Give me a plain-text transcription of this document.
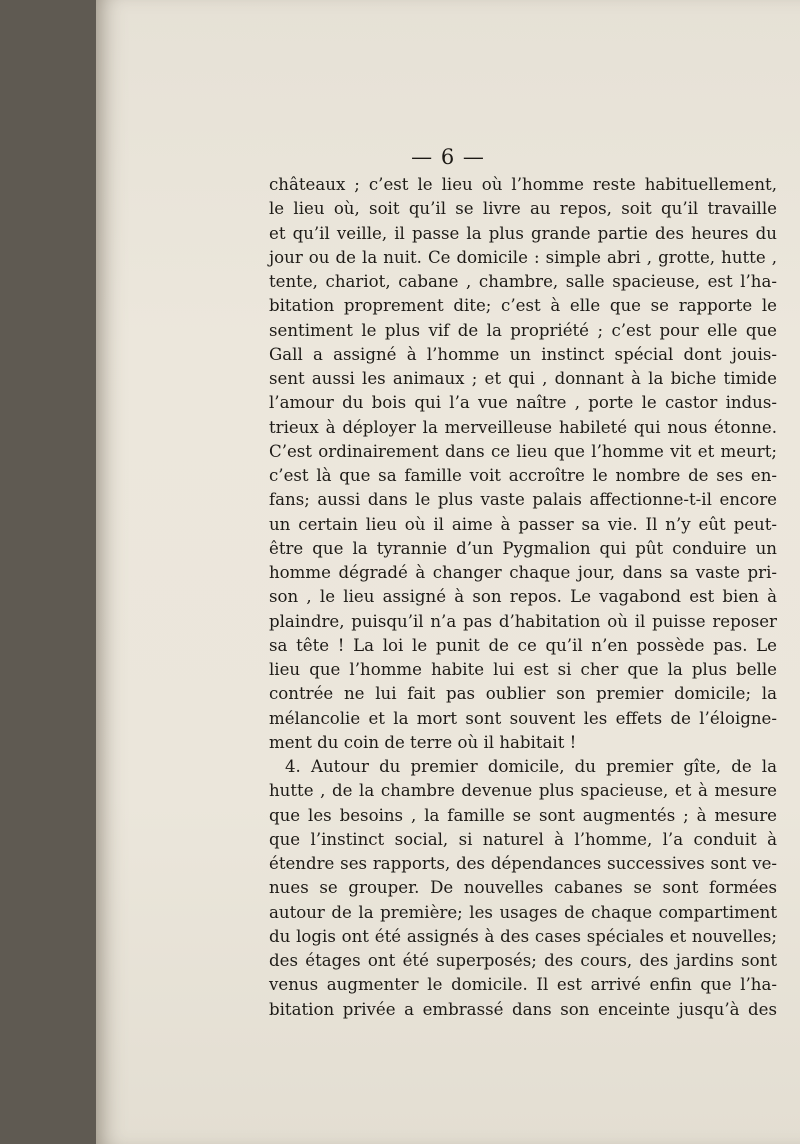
— 6 —
châteaux ; c’est le lieu où l’homme reste habituellement,
le lieu où, soit qu’il se livre au repos, soit qu’il travaille
et qu’il veille, il passe la plus grande partie des heures du
jour ou de la nuit. Ce domicile : simple abri , grotte, hutte ,
tente, chariot, cabane , chambre, salle spacieuse, est l’ha-
bitation proprement dite; c’est à elle que se rapporte le
sentiment le plus vif de la propriété ; c’est pour elle que
Gall a assigné à l’homme un instinct spécial dont jouis-
sent aussi les animaux ; et qui , donnant à la biche timide
l’amour du bois qui l’a vue naître , porte le castor indus-
trieux à déployer la merveilleuse habileté qui nous étonne.
C’est ordinairement dans ce lieu que l’homme vit et meurt;
c’est là que sa famille voit accroître le nombre de ses en-
fans; aussi dans le plus vaste palais affectionne-t-il encore
un certain lieu où il aime à passer sa vie. Il n’y eût peut-
être que la tyrannie d’un Pygmalion qui pût conduire un
homme dégradé à changer chaque jour, dans sa vaste pri-
son , le lieu assigné à son repos. Le vagabond est bien à
plaindre, puisqu’il n’a pas d’habitation où il puisse reposer
sa tête ! La loi le punit de ce qu’il n’en possède pas. Le
lieu que l’homme habite lui est si cher que la plus belle
contrée ne lui fait pas oublier son premier domicile; la
mélancolie et la mort sont souvent les effets de l’éloigne-
ment du coin de terre où il habitait !
4. Autour du premier domicile, du premier gîte, de la
hutte , de la chambre devenue plus spacieuse, et à mesure
que les besoins , la famille se sont augmentés ; à mesure
que l’instinct social, si naturel à l’homme, l’a conduit à
étendre ses rapports, des dépendances successives sont ve-
nues se grouper. De nouvelles cabanes se sont formées
autour de la première; les usages de chaque compartiment
du logis ont été assignés à des cases spéciales et nouvelles;
des étages ont été superposés; des cours, des jardins sont
venus augmenter le domicile. Il est arrivé enfin que l’ha-
bitation privée a embrassé dans son enceinte jusqu’à des
